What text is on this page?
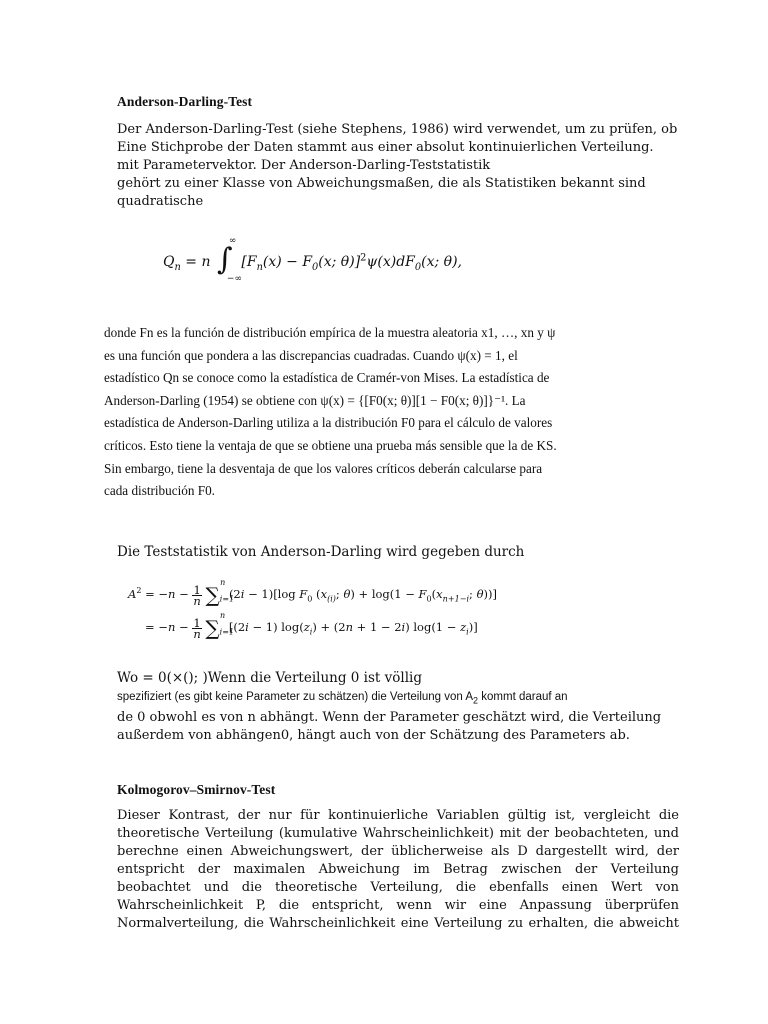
Anderson-Darling-Test
Der Anderson-Darling-Test (siehe Stephens, 1986) wird verwendet, um zu prüfen, ob
Eine Stichprobe der Daten stammt aus einer absolut kontinuierlichen Verteilung.
mit Parametervektor. Der Anderson-Darling-Teststatistik
gehört zu einer Klasse von Abweichungsmaßen, die als Statistiken bekannt sind
quadratische
$Q_n = n$ ∫
∞
−∞
[$F_n(x) - F_0(x$; $\theta)]^2\psi(x)dF_0(x$; θ),
donde Fn es la función de distribución empírica de la muestra aleatoria x1, …, xn y ψ
es una función que pondera a las discrepancias cuadradas. Cuando ψ(x) = 1, el
estadístico Qn se conoce como la estadística de Cramér-von Mises. La estadística de
Anderson-Darling (1954) se obtiene con ψ(x) = {[F0(x; θ)][1 − F0(x; θ)]}⁻¹. La
estadística de Anderson-Darling utiliza a la distribución F0 para el cálculo de valores
críticos. Esto tiene la ventaja de que se obtiene una prueba más sensible que la de KS.
Sin embargo, tiene la desventaja de que los valores críticos deberán calcularse para
cada distribución F0.
Die Teststatistik von Anderson-Darling wird gegeben durch
$A^2 = -n - \frac{1}{n} \sum_{i=1}^n$ (2i − 1)[log $F_0$ ($x_{(i)}$; $\theta) + \log(1 - F_0(x_{n+1-i}$; θ))]
= $-n - \frac{1}{n} \sum_{i=1}^n$ [(2i − 1) $\log(z_i) + (2n + 1 - 2i) \log(1 - z_i)$]
Wo = 0(×(); )Wenn die Verteilung 0 ist völlig
spezifiziert (es gibt keine Parameter zu schätzen) die Verteilung von $A_2$ kommt darauf an
de 0 obwohl es von n abhängt. Wenn der Parameter geschätzt wird, die Verteilung
außerdem von abhängen0, hängt auch von der Schätzung des Parameters ab.
Kolmogorov–Smirnov-Test
Dieser Kontrast, der nur für kontinuierliche Variablen gültig ist, vergleicht die
theoretische Verteilung (kumulative Wahrscheinlichkeit) mit der beobachteten, und
berechne einen Abweichungswert, der üblicherweise als D dargestellt wird, der
entspricht der maximalen Abweichung im Betrag zwischen der Verteilung
beobachtet und die theoretische Verteilung, die ebenfalls einen Wert von
Wahrscheinlichkeit P, die entspricht, wenn wir eine Anpassung überprüfen
Normalverteilung, die Wahrscheinlichkeit eine Verteilung zu erhalten, die abweicht
